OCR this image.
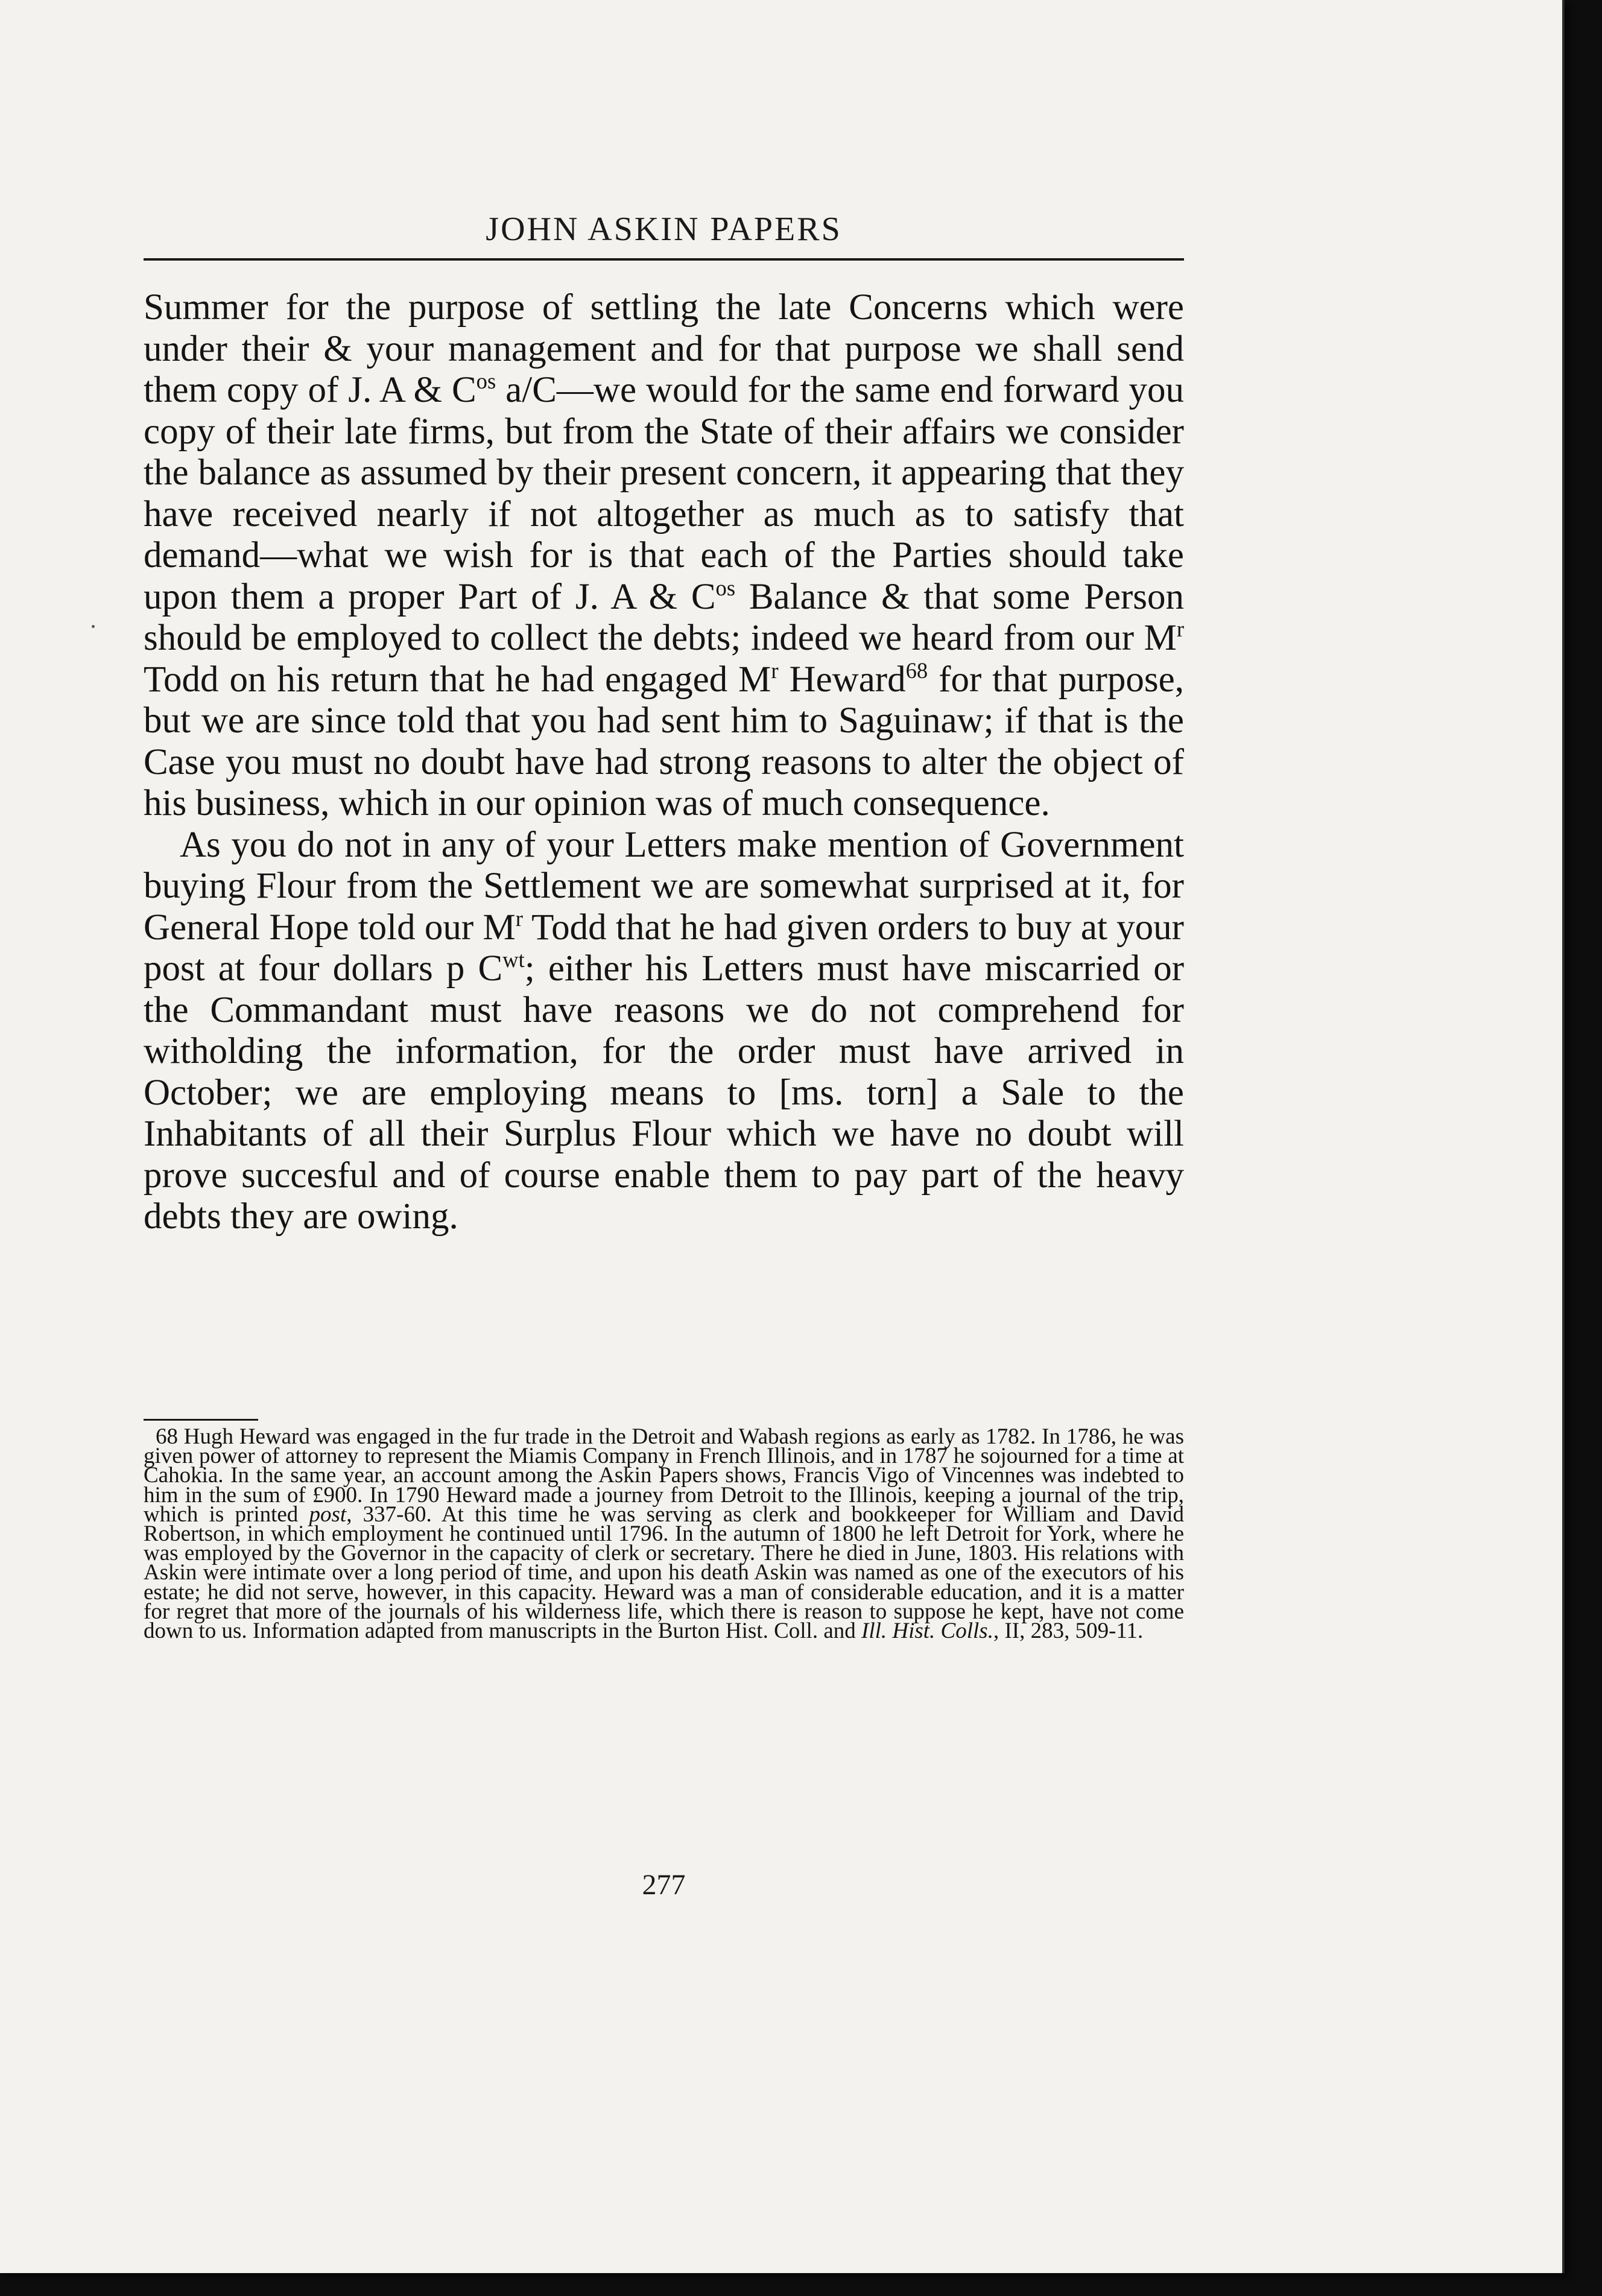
JOHN ASKIN PAPERS

Summer for the purpose of settling the late Concerns which were under their & your management and for that purpose we shall send them copy of J. A & $C^{os}$ a/C—we would for the same end forward you copy of their late firms, but from the State of their affairs we consider the balance as assumed by their present concern, it appearing that they have received nearly if not altogether as much as to satisfy that demand—what we wish for is that each of the Parties should take upon them a proper Part of J. A & $C^{os}$ Balance & that some Person should be employed to collect the debts; indeed we heard from our $M^r$ Todd on his return that he had engaged $M^r$ Heward$^{68}$ for that purpose, but we are since told that you had sent him to Saguinaw; if that is the Case you must no doubt have had strong reasons to alter the object of his business, which in our opinion was of much consequence.

As you do not in any of your Letters make mention of Government buying Flour from the Settlement we are somewhat surprised at it, for General Hope told our $M^r$ Todd that he had given orders to buy at your post at four dollars p $C^{wt}$; either his Letters must have miscarried or the Commandant must have reasons we do not comprehend for witholding the information, for the order must have arrived in October; we are employing means to [ms. torn] a Sale to the Inhabitants of all their Surplus Flour which we have no doubt will prove succesful and of course enable them to pay part of the heavy debts they are owing.

68 Hugh Heward was engaged in the fur trade in the Detroit and Wabash regions as early as 1782. In 1786, he was given power of attorney to represent the Miamis Company in French Illinois, and in 1787 he sojourned for a time at Cahokia. In the same year, an account among the Askin Papers shows, Francis Vigo of Vincennes was indebted to him in the sum of £900. In 1790 Heward made a journey from Detroit to the Illinois, keeping a journal of the trip, which is printed post, 337-60. At this time he was serving as clerk and bookkeeper for William and David Robertson, in which employment he continued until 1796. In the autumn of 1800 he left Detroit for York, where he was employed by the Governor in the capacity of clerk or secretary. There he died in June, 1803. His relations with Askin were intimate over a long period of time, and upon his death Askin was named as one of the executors of his estate; he did not serve, however, in this capacity. Heward was a man of considerable education, and it is a matter for regret that more of the journals of his wilderness life, which there is reason to suppose he kept, have not come down to us. Information adapted from manuscripts in the Burton Hist. Coll. and Ill. Hist. Colls., II, 283, 509-11.

277
